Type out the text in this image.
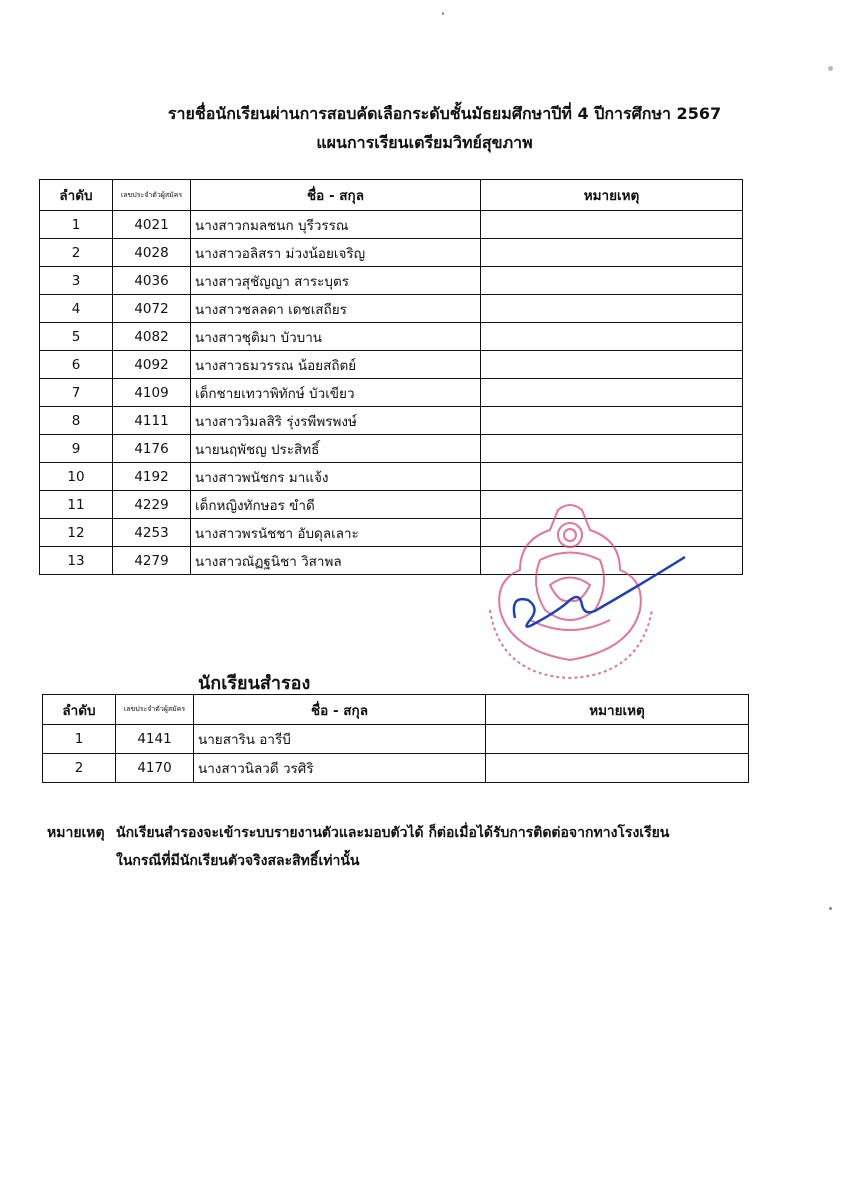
รายชื่อนักเรียนผ่านการสอบคัดเลือกระดับชั้นมัธยมศึกษาปีที่ 4 ปีการศึกษา 2567
แผนการเรียนเตรียมวิทย์สุขภาพ
ลำดับ	เลขประจำตัวผู้สมัคร	ชื่อ - สกุล	หมายเหตุ
1	4021	นางสาวกมลชนก บุรีวรรณ	
2	4028	นางสาวอลิสรา ม่วงน้อยเจริญ	
3	4036	นางสาวสุชัญญา สาระบุตร	
4	4072	นางสาวชลลดา เดชเสถียร	
5	4082	นางสาวชุติมา บัวบาน	
6	4092	นางสาวธมวรรณ น้อยสถิตย์	
7	4109	เด็กชายเทวาพิทักษ์ บัวเขียว	
8	4111	นางสาววิมลสิริ รุ่งรพีพรพงษ์	
9	4176	นายนฤพัชญ ประสิทธิ์	
10	4192	นางสาวพนัชกร มาแจ้ง	
11	4229	เด็กหญิงทักษอร ขำดี	
12	4253	นางสาวพรนัชชา อับดุลเลาะ	
13	4279	นางสาวณัฏฐนิชา วิสาพล	
นักเรียนสำรอง
ลำดับ	เลขประจำตัวผู้สมัคร	ชื่อ - สกุล	หมายเหตุ
1	4141	นายสาริน อารีบี	
2	4170	นางสาวนิลวดี วรศิริ	
หมายเหตุ นักเรียนสำรองจะเข้าระบบรายงานตัวและมอบตัวได้ ก็ต่อเมื่อได้รับการติดต่อจากทางโรงเรียน
ในกรณีที่มีนักเรียนตัวจริงสละสิทธิ์เท่านั้น
